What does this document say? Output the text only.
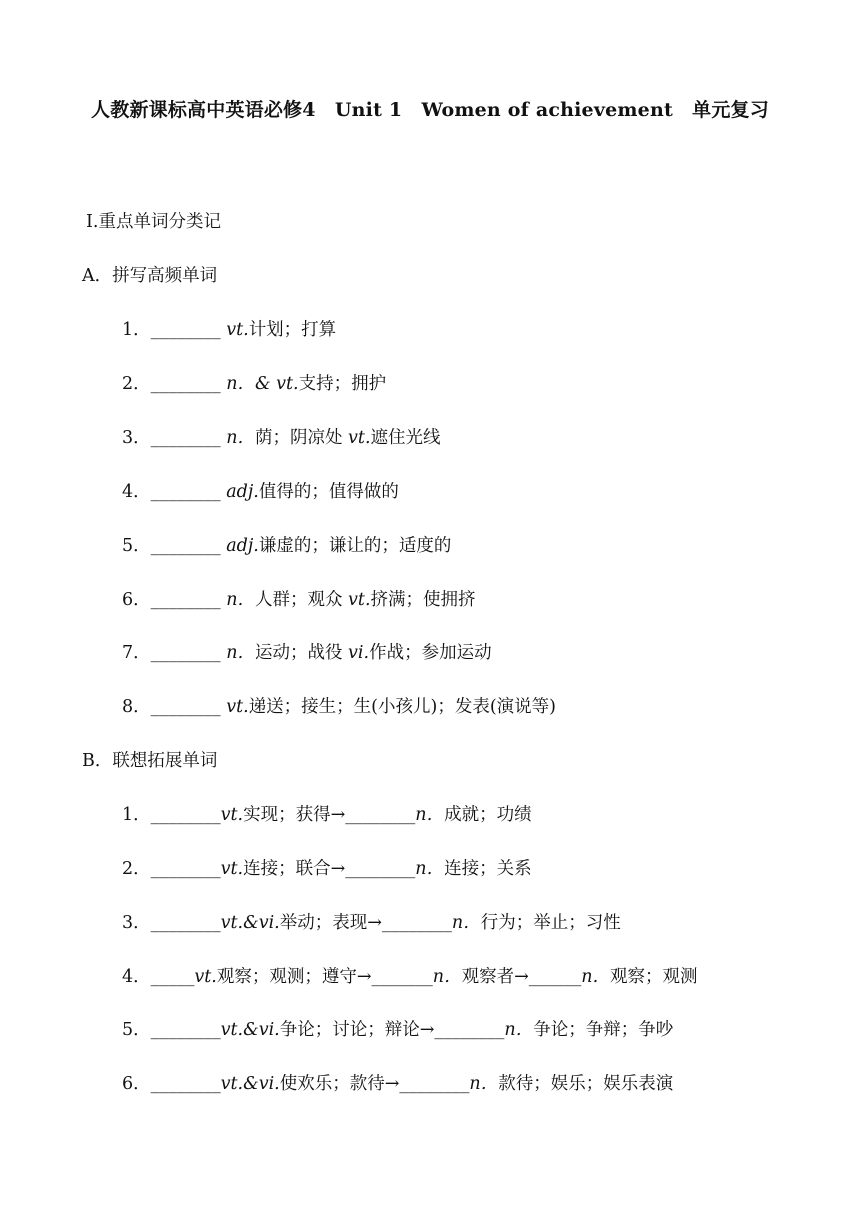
人教新课标高中英语必修4　Unit 1　Women of achievement　单元复习
Ⅰ.重点单词分类记
A．拼写高频单词
1．________ vt.计划；打算
2．________ n．& vt.支持；拥护
3．________ n．荫；阴凉处 vt.遮住光线
4．________ adj.值得的；值得做的
5．________ adj.谦虚的；谦让的；适度的
6．________ n．人群；观众 vt.挤满；使拥挤
7．________ n．运动；战役 vi.作战；参加运动
8．________ vt.递送；接生；生(小孩儿)；发表(演说等)
B．联想拓展单词
1．________vt.实现；获得→________n．成就；功绩
2．________vt.连接；联合→________n．连接；关系
3．________vt.&vi.举动；表现→________n．行为；举止；习性
4．_____vt.观察；观测；遵守→_______n．观察者→______n．观察；观测
5．________vt.&vi.争论；讨论；辩论→________n．争论；争辩；争吵
6．________vt.&vi.使欢乐；款待→________n．款待；娱乐；娱乐表演
